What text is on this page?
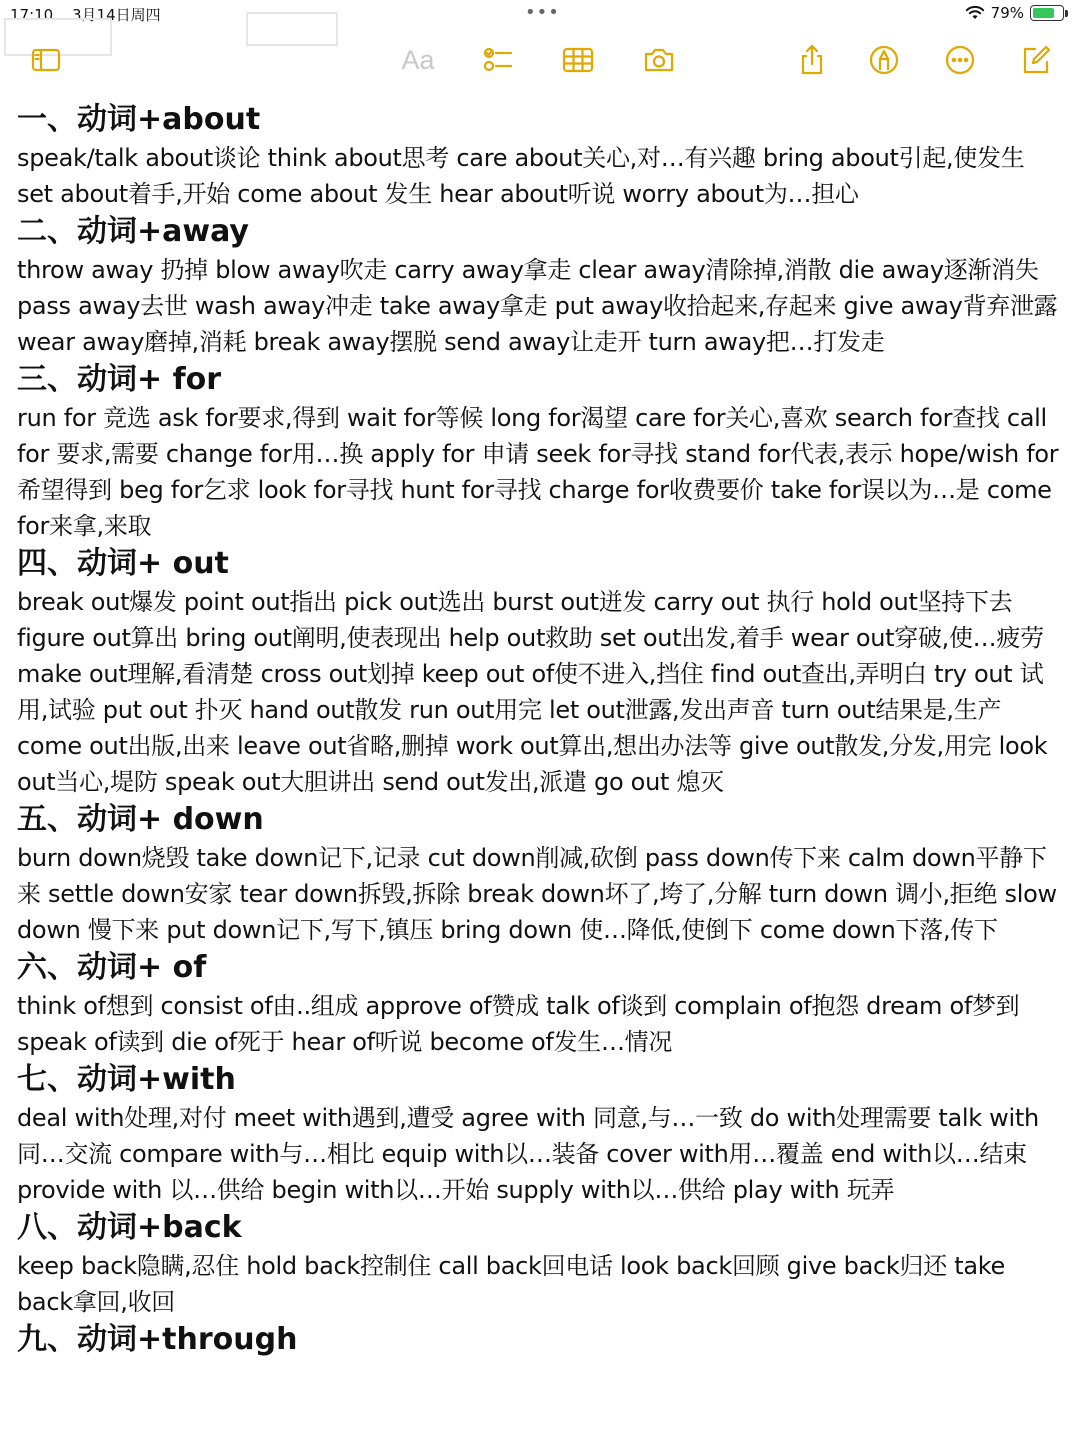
17:10 3月14日周四	•••	79%
Aa
一、动词+about

speak/talk about谈论 think about思考 care about关心,对…有兴趣 bring about引起,使发生 set about着手,开始 come about 发生 hear about听说 worry about为…担心

二、动词+away

throw away 扔掉 blow away吹走 carry away拿走 clear away清除掉,消散 die away逐渐消失 pass away去世 wash away冲走 take away拿走 put away收拾起来,存起来 give away背弃泄露 wear away磨掉,消耗 break away摆脱 send away让走开 turn away把…打发走

三、动词+ for

run for 竞选 ask for要求,得到 wait for等候 long for渴望 care for关心,喜欢 search for查找 call for 要求,需要 change for用…换 apply for 申请 seek for寻找 stand for代表,表示 hope/wish for希望得到 beg for乞求 look for寻找 hunt for寻找 charge for收费要价 take for误以为…是 come for来拿,来取

四、动词+ out

break out爆发 point out指出 pick out选出 burst out迸发 carry out 执行 hold out坚持下去 figure out算出 bring out阐明,使表现出 help out救助 set out出发,着手 wear out穿破,使…疲劳 make out理解,看清楚 cross out划掉 keep out of使不进入,挡住 find out查出,弄明白 try out 试用,试验 put out 扑灭 hand out散发 run out用完 let out泄露,发出声音 turn out结果是,生产 come out出版,出来 leave out省略,删掉 work out算出,想出办法等 give out散发,分发,用完 look out当心,堤防 speak out大胆讲出 send out发出,派遣 go out 熄灭

五、动词+ down

burn down烧毁 take down记下,记录 cut down削减,砍倒 pass down传下来 calm down平静下来 settle down安家 tear down拆毁,拆除 break down坏了,垮了,分解 turn down 调小,拒绝 slow down 慢下来 put down记下,写下,镇压 bring down 使…降低,使倒下 come down下落,传下

六、动词+ of

think of想到 consist of由..组成 approve of赞成 talk of谈到 complain of抱怨 dream of梦到 speak of读到 die of死于 hear of听说 become of发生…情况

七、动词+with

deal with处理,对付 meet with遇到,遭受 agree with 同意,与…一致 do with处理需要 talk with 同…交流 compare with与…相比 equip with以…装备 cover with用…覆盖 end with以…结束 provide with 以…供给 begin with以…开始 supply with以…供给 play with 玩弄

八、动词+back

keep back隐瞒,忍住 hold back控制住 call back回电话 look back回顾 give back归还 take back拿回,收回

九、动词+through
